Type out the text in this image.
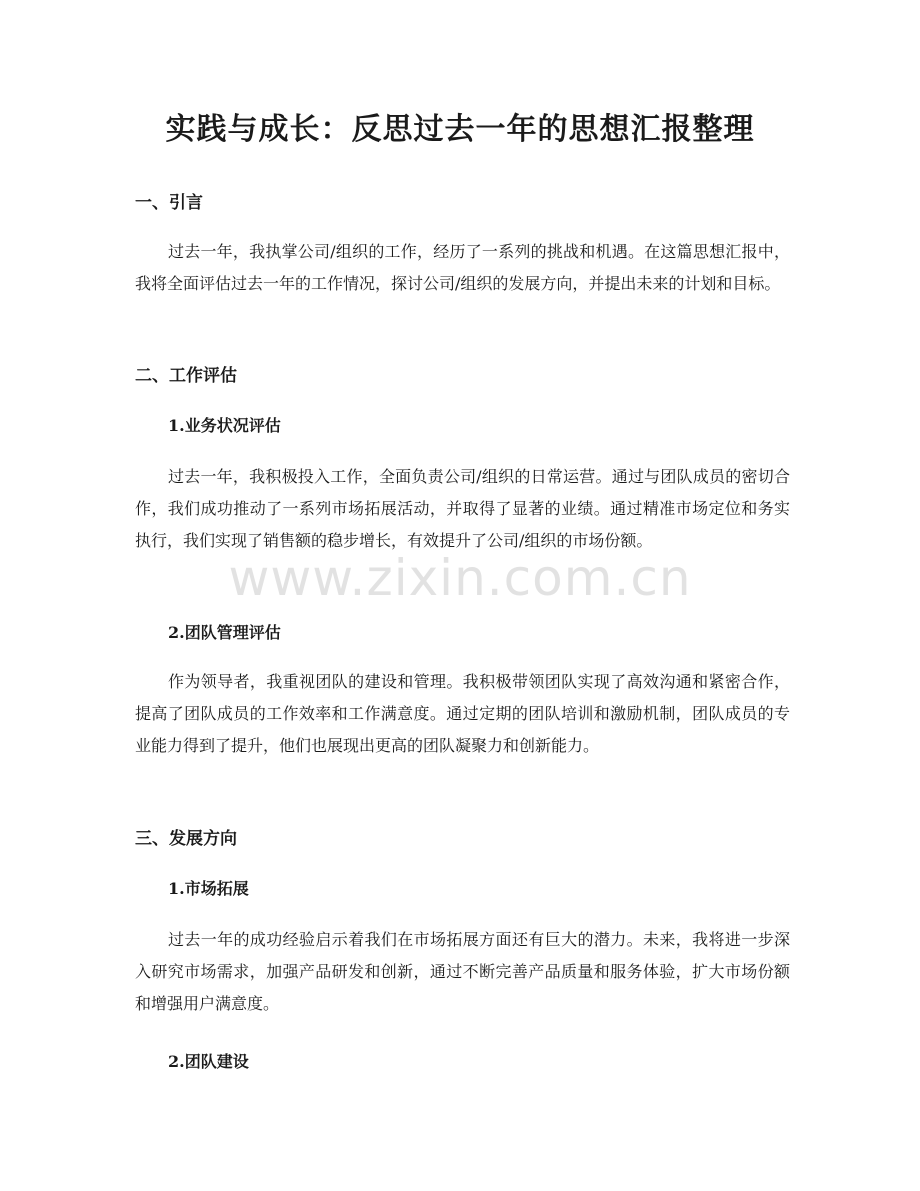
实践与成长：反思过去一年的思想汇报整理
一、引言

过去一年，我执掌公司/组织的工作，经历了一系列的挑战和机遇。在这篇思想汇报中，我将全面评估过去一年的工作情况，探讨公司/组织的发展方向，并提出未来的计划和目标。

二、工作评估
1.业务状况评估

过去一年，我积极投入工作，全面负责公司/组织的日常运营。通过与团队成员的密切合作，我们成功推动了一系列市场拓展活动，并取得了显著的业绩。通过精准市场定位和务实执行，我们实现了销售额的稳步增长，有效提升了公司/组织的市场份额。

2.团队管理评估

作为领导者，我重视团队的建设和管理。我积极带领团队实现了高效沟通和紧密合作，提高了团队成员的工作效率和工作满意度。通过定期的团队培训和激励机制，团队成员的专业能力得到了提升，他们也展现出更高的团队凝聚力和创新能力。

三、发展方向
1.市场拓展

过去一年的成功经验启示着我们在市场拓展方面还有巨大的潜力。未来，我将进一步深入研究市场需求，加强产品研发和创新，通过不断完善产品质量和服务体验，扩大市场份额和增强用户满意度。

2.团队建设
www.zixin.com.cn
